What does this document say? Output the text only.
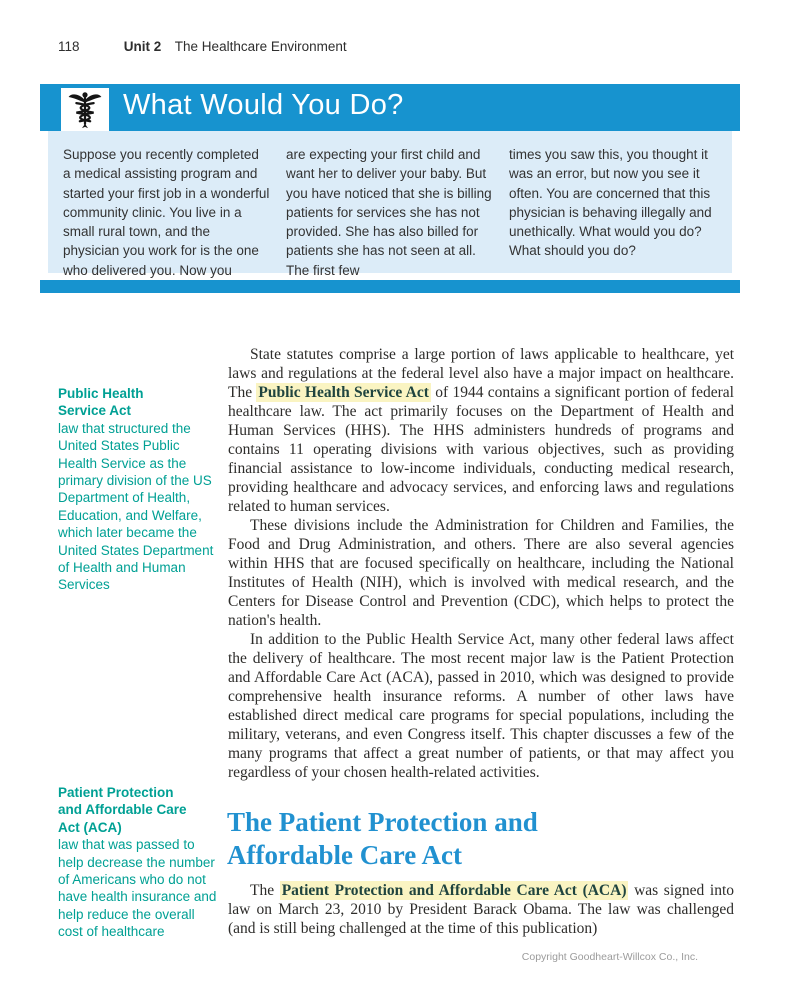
118	Unit 2 The Healthcare Environment
What Would You Do?
Suppose you recently completed a medical assisting program and started your first job in a wonderful community clinic. You live in a small rural town, and the physician you work for is the one who delivered you. Now you
are expecting your first child and want her to deliver your baby. But you have noticed that she is billing patients for services she has not provided. She has also billed for patients she has not seen at all. The first few
times you saw this, you thought it was an error, but now you see it often. You are concerned that this physician is behaving illegally and unethically. What would you do? What should you do?
Public Health Service Act
law that structured the United States Public Health Service as the primary division of the US Department of Health, Education, and Welfare, which later became the United States Department of Health and Human Services
Patient Protection and Affordable Care Act (ACA)
law that was passed to help decrease the number of Americans who do not have health insurance and help reduce the overall cost of healthcare

State statutes comprise a large portion of laws applicable to healthcare, yet laws and regulations at the federal level also have a major impact on healthcare. The Public Health Service Act of 1944 contains a significant portion of federal healthcare law. The act primarily focuses on the Department of Health and Human Services (HHS). The HHS administers hundreds of programs and contains 11 operating divisions with various objectives, such as providing financial assistance to low-income individuals, conducting medical research, providing healthcare and advocacy services, and enforcing laws and regulations related to human services.

These divisions include the Administration for Children and Families, the Food and Drug Administration, and others. There are also several agencies within HHS that are focused specifically on healthcare, including the National Institutes of Health (NIH), which is involved with medical research, and the Centers for Disease Control and Prevention (CDC), which helps to protect the nation's health.

In addition to the Public Health Service Act, many other federal laws affect the delivery of healthcare. The most recent major law is the Patient Protection and Affordable Care Act (ACA), passed in 2010, which was designed to provide comprehensive health insurance reforms. A number of other laws have established direct medical care programs for special populations, including the military, veterans, and even Congress itself. This chapter discusses a few of the many programs that affect a great number of patients, or that may affect you regardless of your chosen health-related activities.

The Patient Protection and
Affordable Care Act

The Patient Protection and Affordable Care Act (ACA) was signed into law on March 23, 2010 by President Barack Obama. The law was challenged (and is still being challenged at the time of this publication)

Copyright Goodheart-Willcox Co., Inc.
